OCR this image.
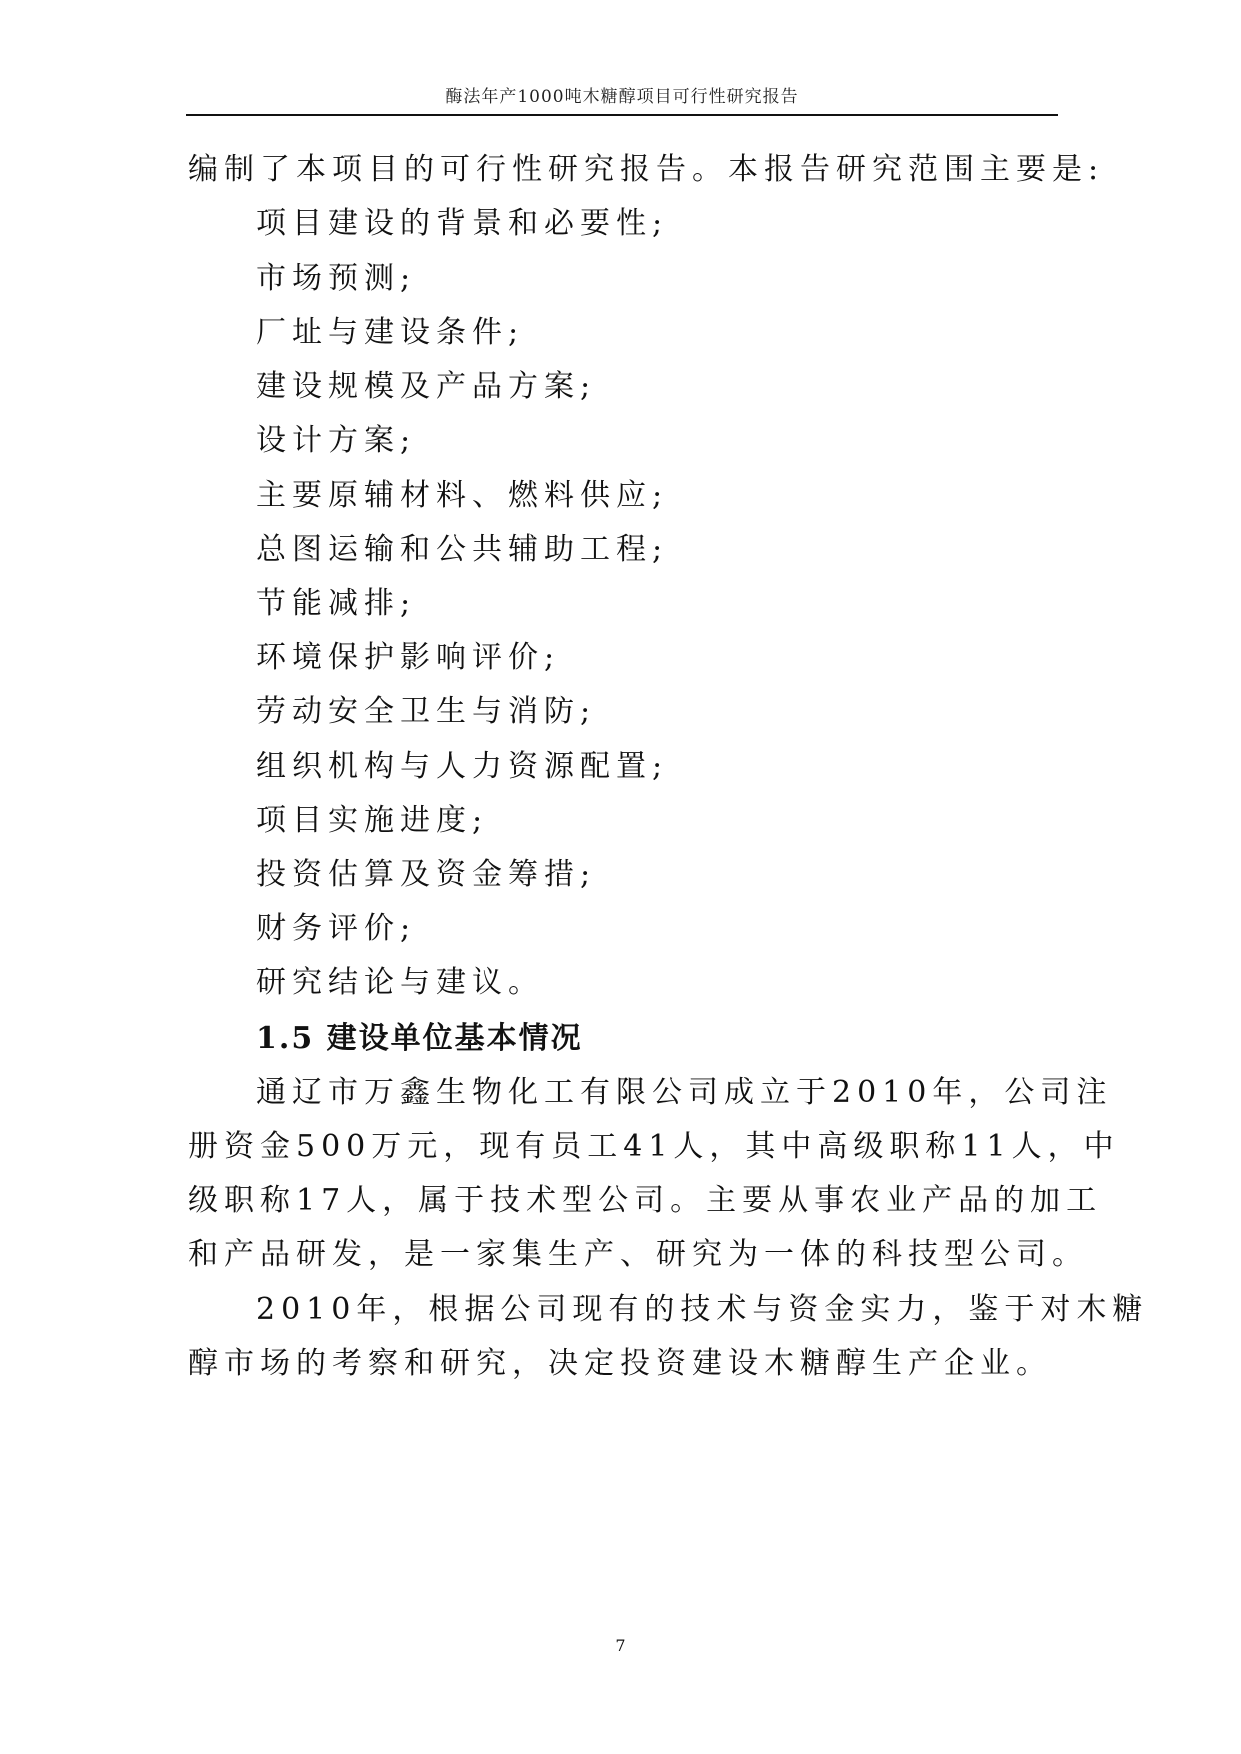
酶法年产1000吨木糖醇项目可行性研究报告
编制了本项目的可行性研究报告。本报告研究范围主要是:
项目建设的背景和必要性;
市场预测;
厂址与建设条件;
建设规模及产品方案;
设计方案;
主要原辅材料、燃料供应;
总图运输和公共辅助工程;
节能减排;
环境保护影响评价;
劳动安全卫生与消防;
组织机构与人力资源配置;
项目实施进度;
投资估算及资金筹措;
财务评价;
研究结论与建议。
1.5 建设单位基本情况
通辽市万鑫生物化工有限公司成立于2010年，公司注
册资金500万元，现有员工41人，其中高级职称11人，中
级职称17人，属于技术型公司。主要从事农业产品的加工
和产品研发，是一家集生产、研究为一体的科技型公司。
2010年，根据公司现有的技术与资金实力，鉴于对木糖
醇市场的考察和研究，决定投资建设木糖醇生产企业。
7
